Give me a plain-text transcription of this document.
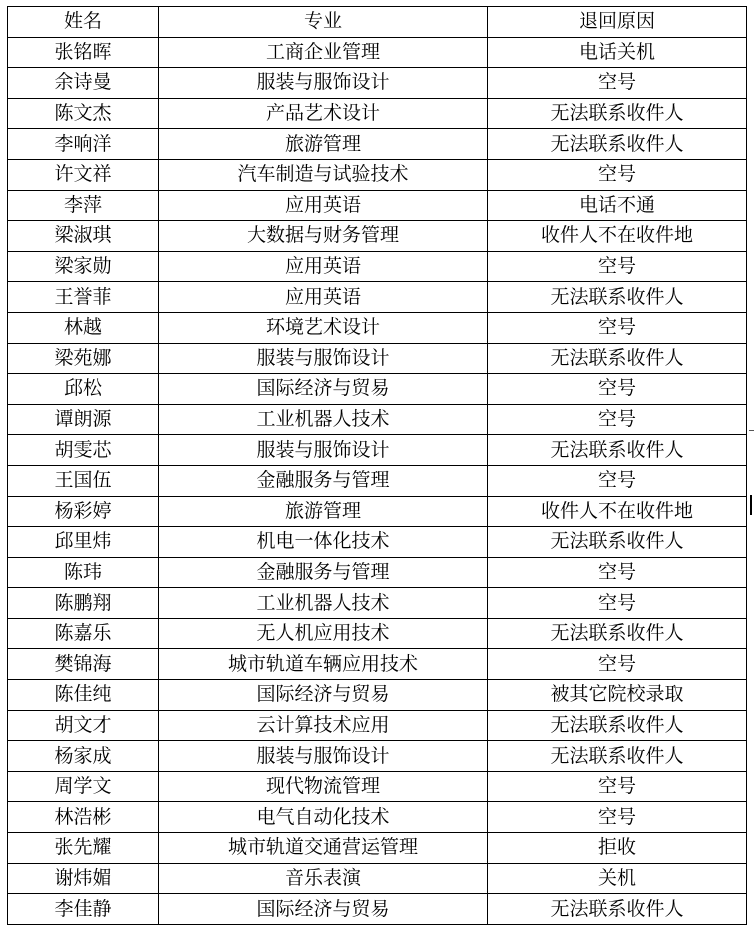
姓名	专业	退回原因
张铭晖	工商企业管理	电话关机
余诗曼	服装与服饰设计	空号
陈文杰	产品艺术设计	无法联系收件人
李响洋	旅游管理	无法联系收件人
许文祥	汽车制造与试验技术	空号
李萍	应用英语	电话不通
梁淑琪	大数据与财务管理	收件人不在收件地
梁家勋	应用英语	空号
王誉菲	应用英语	无法联系收件人
林越	环境艺术设计	空号
梁苑娜	服装与服饰设计	无法联系收件人
邱松	国际经济与贸易	空号
谭朗源	工业机器人技术	空号
胡雯芯	服装与服饰设计	无法联系收件人
王国伍	金融服务与管理	空号
杨彩婷	旅游管理	收件人不在收件地
邱里炜	机电一体化技术	无法联系收件人
陈玮	金融服务与管理	空号
陈鹏翔	工业机器人技术	空号
陈嘉乐	无人机应用技术	无法联系收件人
樊锦海	城市轨道车辆应用技术	空号
陈佳纯	国际经济与贸易	被其它院校录取
胡文才	云计算技术应用	无法联系收件人
杨家成	服装与服饰设计	无法联系收件人
周学文	现代物流管理	空号
林浩彬	电气自动化技术	空号
张先耀	城市轨道交通营运管理	拒收
谢炜媚	音乐表演	关机
李佳静	国际经济与贸易	无法联系收件人
